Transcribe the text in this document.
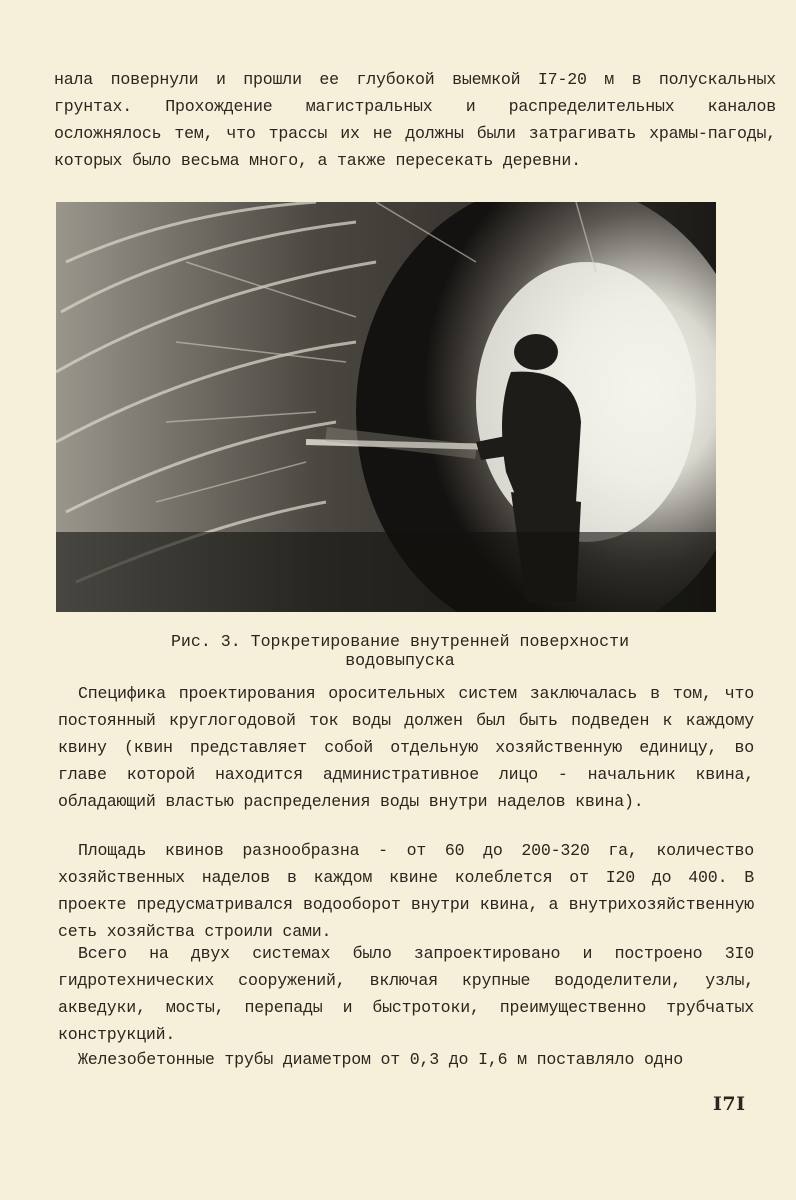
нала повернули и прошли ее глубокой выемкой I7-20 м в полускальных грунтах. Прохождение магистральных и распределительных каналов осложнялось тем, что трассы их не должны были затрагивать храмы-пагоды, которых было весьма много, а также пересекать деревни.

Рис. 3. Торкретирование внутренней поверхности
водовыпуска

Специфика проектирования оросительных систем заключалась в том, что постоянный круглогодовой ток воды должен был быть подведен к каждому квину (квин представляет собой отдельную хозяйственную единицу, во главе которой находится административное лицо - начальник квина, обладающий властью распределения воды внутри наделов квина).

Площадь квинов разнообразна - от 60 до 200-320 га, количество хозяйственных наделов в каждом квине колеблется от I20 до 400. В проекте предусматривался водооборот внутри квина, а внутрихозяйственную сеть хозяйства строили сами.

Всего на двух системах было запроектировано и построено 3I0 гидротехнических сооружений, включая крупные вододелители, узлы, акведуки, мосты, перепады и быстротоки, преимущественно трубчатых конструкций.

Железобетонные трубы диаметром от 0,3 до I,6 м поставляло одно

I7I
